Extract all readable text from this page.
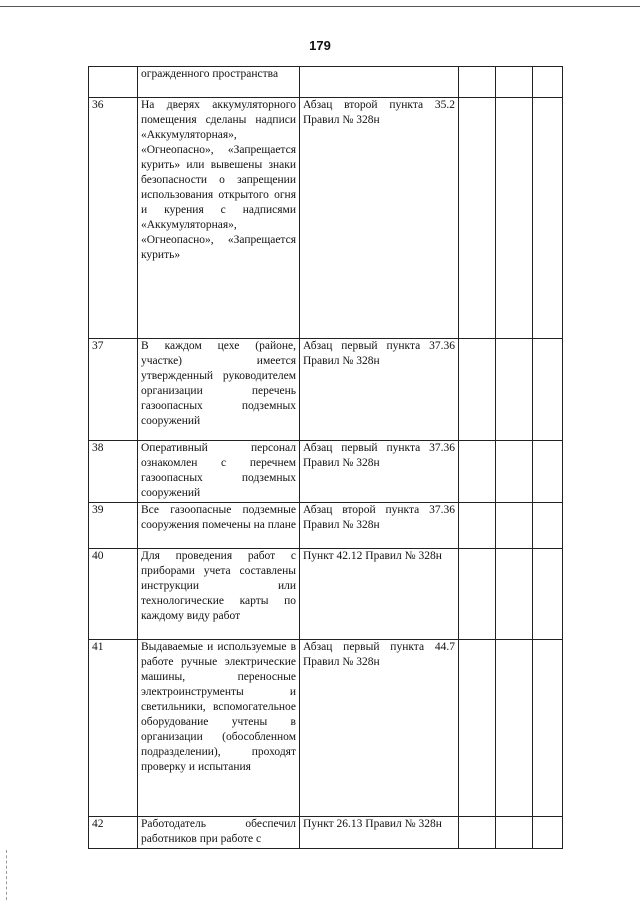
179
	огражденного пространства				
36	На дверях аккумуляторного помещения сделаны надписи «Аккумуляторная», «Огнеопасно», «Запрещается курить» или вывешены знаки безопасности о запрещении использования открытого огня и курения с надписями «Аккумуляторная», «Огнеопасно», «Запрещается курить»	Абзац второй пункта 35.2 Правил № 328н			
37	В каждом цехе (районе, участке) имеется утвержденный руководителем организации перечень газоопасных подземных сооружений	Абзац первый пункта 37.36 Правил № 328н			
38	Оперативный персонал ознакомлен с перечнем газоопасных подземных сооружений	Абзац первый пункта 37.36 Правил № 328н			
39	Все газоопасные подземные сооружения помечены на плане	Абзац второй пункта 37.36 Правил № 328н			
40	Для проведения работ с приборами учета составлены инструкции или технологические карты по каждому виду работ	Пункт 42.12 Правил № 328н			
41	Выдаваемые и используемые в работе ручные электрические машины, переносные электроинструменты и светильники, вспомогательное оборудование учтены в организации (обособленном подразделении), проходят проверку и испытания	Абзац первый пункта 44.7 Правил № 328н			
42	Работодатель обеспечил работников при работе с	Пункт 26.13 Правил № 328н			
